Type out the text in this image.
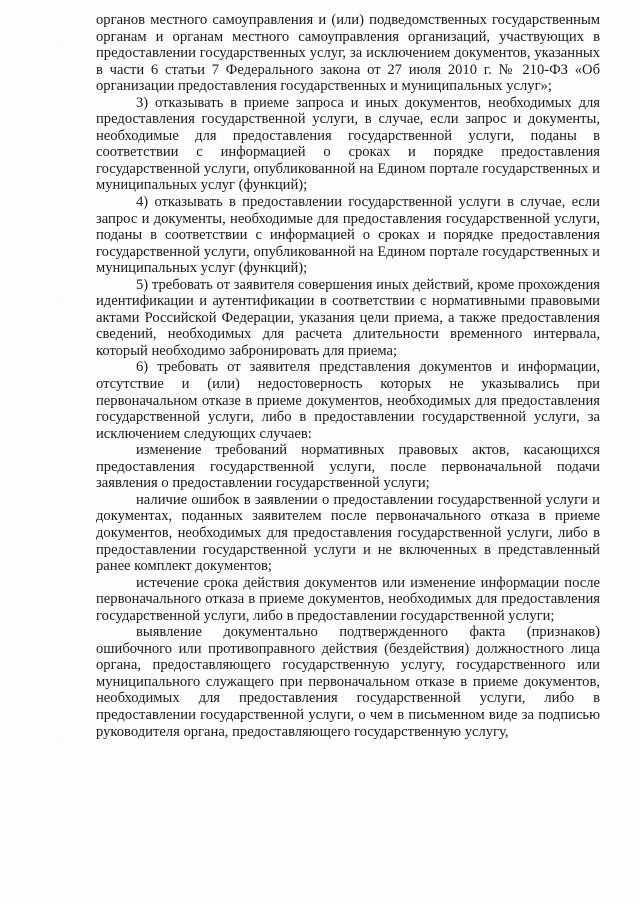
·
·
·

органов местного самоуправления и (или) подведомственных государственным органам и органам местного самоуправления организаций, участвующих в предоставлении государственных услуг, за исключением документов, указанных в части 6 статьи 7 Федерального закона от 27 июля 2010 г. № 210-ФЗ «Об организации предоставления государственных и муниципальных услуг»;

3) отказывать в приеме запроса и иных документов, необходимых для предоставления государственной услуги, в случае, если запрос и документы, необходимые для предоставления государственной услуги, поданы в соответствии с информацией о сроках и порядке предоставления государственной услуги, опубликованной на Едином портале государственных и муниципальных услуг (функций);

4) отказывать в предоставлении государственной услуги в случае, если запрос и документы, необходимые для предоставления государственной услуги, поданы в соответствии с информацией о сроках и порядке предоставления государственной услуги, опубликованной на Едином портале государственных и муниципальных услуг (функций);

5) требовать от заявителя совершения иных действий, кроме прохождения идентификации и аутентификации в соответствии с нормативными правовыми актами Российской Федерации, указания цели приема, а также предоставления сведений, необходимых для расчета длительности временного интервала, который необходимо забронировать для приема;

6) требовать от заявителя представления документов и информации, отсутствие и (или) недостоверность которых не указывались при первоначальном отказе в приеме документов, необходимых для предоставления государственной услуги, либо в предоставлении государственной услуги, за исключением следующих случаев:

изменение требований нормативных правовых актов, касающихся предоставления государственной услуги, после первоначальной подачи заявления о предоставлении государственной услуги;

наличие ошибок в заявлении о предоставлении государственной услуги и документах, поданных заявителем после первоначального отказа в приеме документов, необходимых для предоставления государственной услуги, либо в предоставлении государственной услуги и не включенных в представленный ранее комплект документов;

истечение срока действия документов или изменение информации после первоначального отказа в приеме документов, необходимых для предоставления государственной услуги, либо в предоставлении государственной услуги;

выявление документально подтвержденного факта (признаков) ошибочного или противоправного действия (бездействия) должностного лица органа, предоставляющего государственную услугу, государственного или муниципального служащего при первоначальном отказе в приеме документов, необходимых для предоставления государственной услуги, либо в предоставлении государственной услуги, о чем в письменном виде за подписью руководителя органа, предоставляющего государственную услугу,
